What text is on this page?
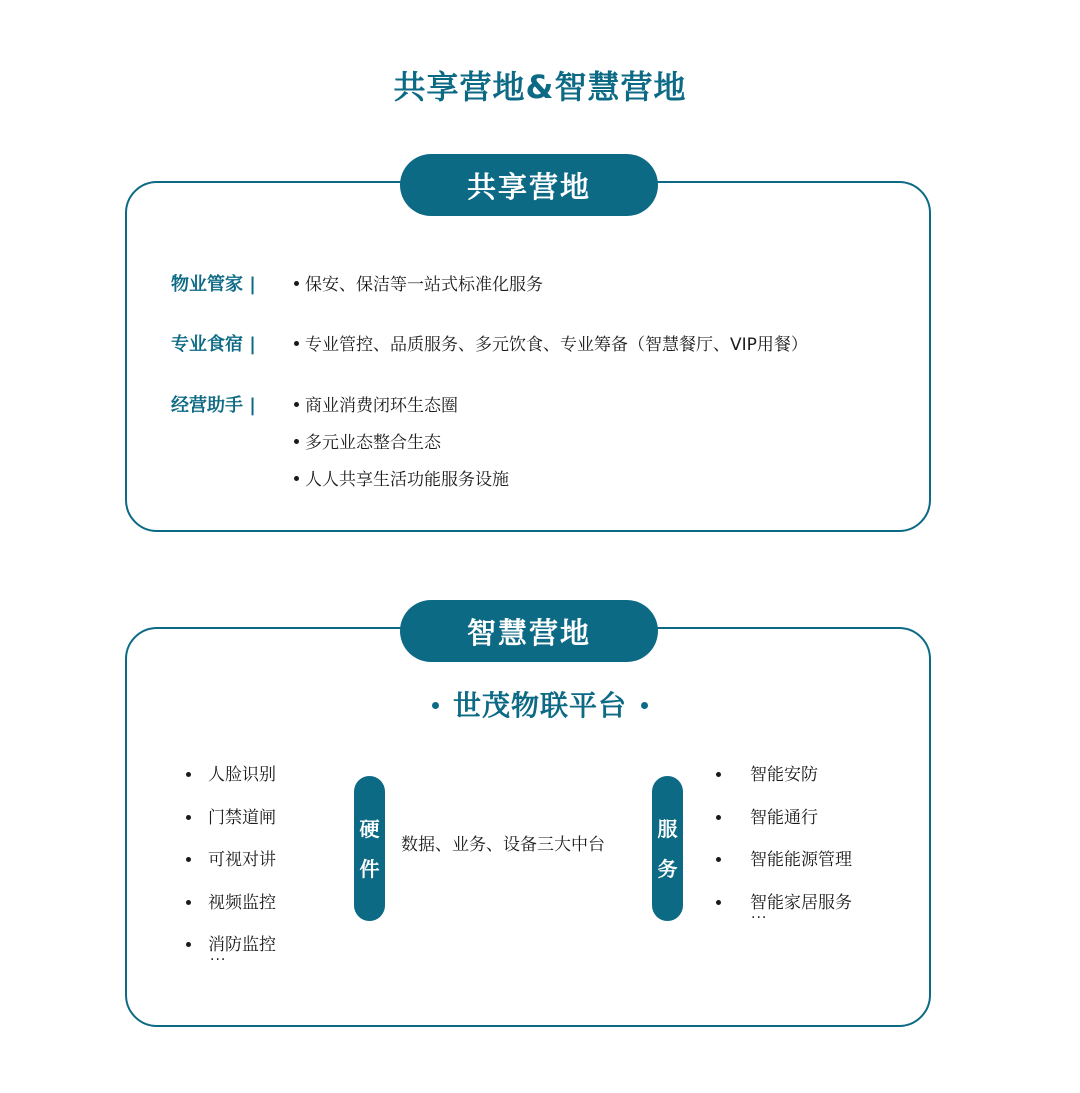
共享营地&智慧营地
共享营地
物业管家 |	保安、保洁等一站式标准化服务
专业食宿 |	专业管控、品质服务、多元饮食、专业筹备（智慧餐厅、VIP用餐）
经营助手 |	商业消费闭环生态圈
多元业态整合生态
人人共享生活功能服务设施
智慧营地
世茂物联平台
人脸识别
门禁道闸
可视对讲
视频监控
消防监控
···
硬
件
数据、业务、设备三大中台
服
务
智能安防
智能通行
智能能源管理
智能家居服务
···
